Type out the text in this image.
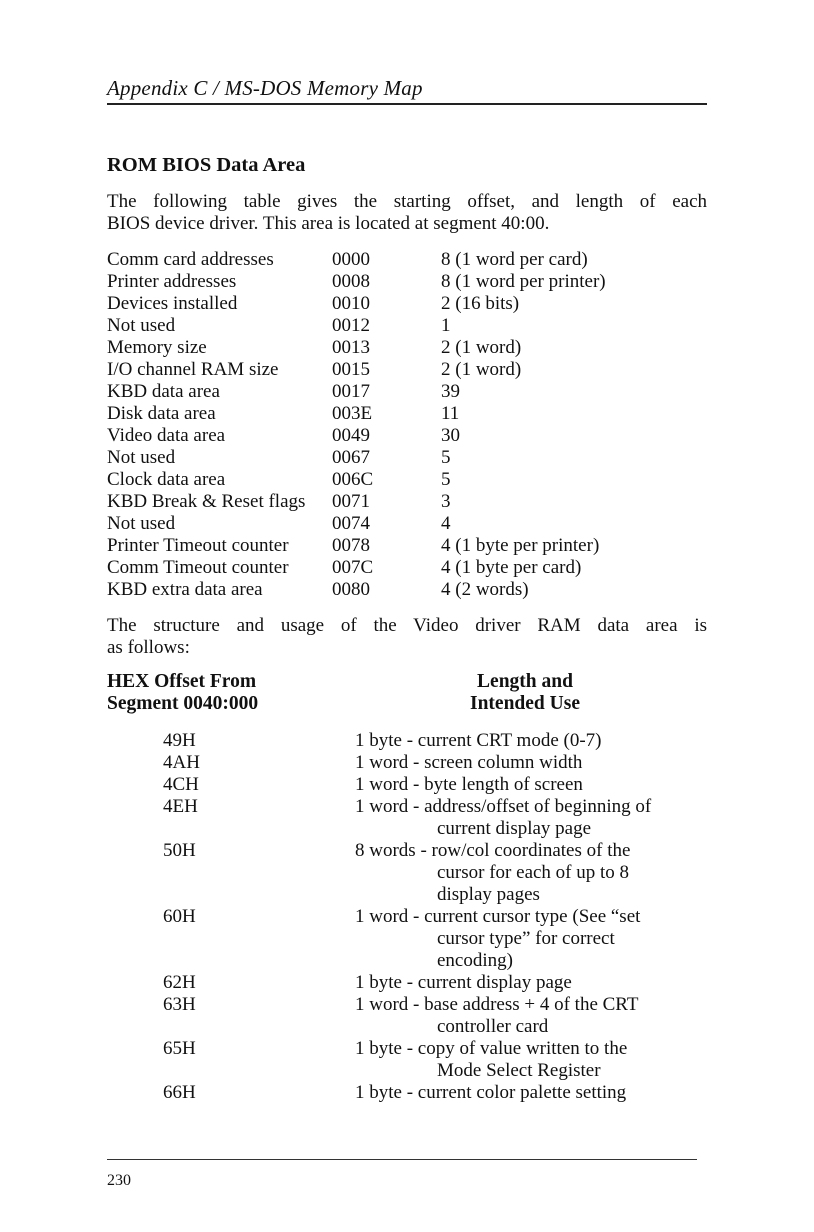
Appendix C / MS-DOS Memory Map
ROM BIOS Data Area
The following table gives the starting offset, and length of each
BIOS device driver. This area is located at segment 40:00.
Comm card addresses	0000	8 (1 word per card)
Printer addresses	0008	8 (1 word per printer)
Devices installed	0010	2 (16 bits)
Not used	0012	1
Memory size	0013	2 (1 word)
I/O channel RAM size	0015	2 (1 word)
KBD data area	0017	39
Disk data area	003E	11
Video data area	0049	30
Not used	0067	5
Clock data area	006C	5
KBD Break & Reset flags 0071	3
Not used	0074	4
Printer Timeout counter 0078	4 (1 byte per printer)
Comm Timeout counter 007C	4 (1 byte per card)
KBD extra data area	0080	4 (2 words)
The structure and usage of the Video driver RAM data area is
as follows:
HEX Offset From
Segment 0040:000
Length and
Intended Use
49H	1 byte - current CRT mode (0-7)
4AH	1 word - screen column width
4CH	1 word - byte length of screen
4EH	1 word - address/offset of beginning of
current display page
50H	8 words - row/col coordinates of the
cursor for each of up to 8
display pages
60H	1 word - current cursor type (See “set
cursor type” for correct
encoding)
62H	1 byte - current display page
63H	1 word - base address + 4 of the CRT
controller card
65H	1 byte - copy of value written to the
Mode Select Register
66H	1 byte - current color palette setting
230
